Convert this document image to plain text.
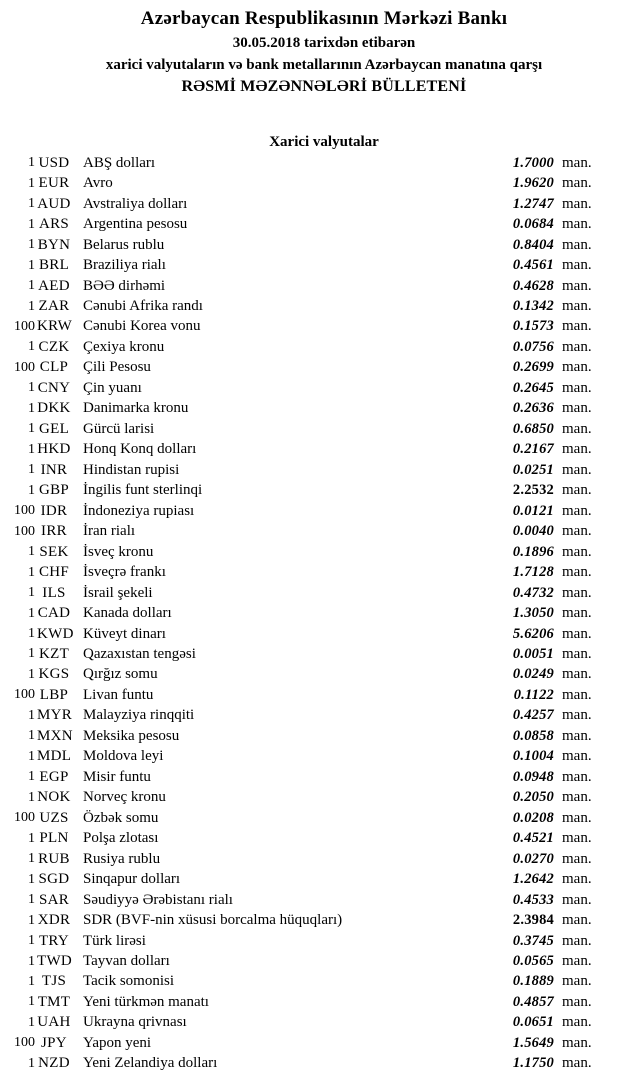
Azərbaycan Respublikasının Mərkəzi Bankı
30.05.2018 tarixdən etibarən
xarici valyutaların və bank metallarının Azərbaycan manatına qarşı
RƏSMİ MƏZƏNNƏLƏRİ BÜLLETENİ
Xarici valyutalar
1 USD ABŞ dolları	1.7000 man.
1 EUR Avro	1.9620 man.
1 AUD Avstraliya dolları	1.2747 man.
1 ARS Argentina pesosu	0.0684 man.
1 BYN Belarus rublu	0.8404 man.
1 BRL Braziliya rialı	0.4561 man.
1 AED BƏƏ dirhəmi	0.4628 man.
1 ZAR Cənubi Afrika randı	0.1342 man.
100 KRW Cənubi Korea vonu	0.1573 man.
1 CZK Çexiya kronu	0.0756 man.
100 CLP Çili Pesosu	0.2699 man.
1 CNY Çin yuanı	0.2645 man.
1 DKK Danimarka kronu	0.2636 man.
1 GEL Gürcü larisi	0.6850 man.
1 HKD Honq Konq dolları	0.2167 man.
1 INR	Hindistan rupisi	0.0251 man.
1 GBP İngilis funt sterlinqi	2.2532 man.
100 IDR	İndoneziya rupiası	0.0121 man.
100 IRR	İran rialı	0.0040 man.
1 SEK İsveç kronu	0.1896 man.
1 CHF İsveçrə frankı	1.7128 man.
1 ILS	İsrail şekeli	0.4732 man.
1 CAD Kanada dolları	1.3050 man.
1 KWD Küveyt dinarı	5.6206 man.
1 KZT Qazaxıstan tengəsi	0.0051 man.
1 KGS Qırğız somu	0.0249 man.
100 LBP Livan funtu	0.1122 man.
1 MYR Malayziya rinqqiti	0.4257 man.
1 MXN Meksika pesosu	0.0858 man.
1 MDL Moldova leyi	0.1004 man.
1 EGP Misir funtu	0.0948 man.
1 NOK Norveç kronu	0.2050 man.
100 UZS Özbək somu	0.0208 man.
1 PLN Polşa zlotası	0.4521 man.
1 RUB Rusiya rublu	0.0270 man.
1 SGD Sinqapur dolları	1.2642 man.
1 SAR Səudiyyə Ərəbistanı rialı	0.4533 man.
1 XDR SDR (BVF-nin xüsusi borcalma hüquqları)	2.3984 man.
1 TRY Türk lirəsi	0.3745 man.
1 TWD Tayvan dolları	0.0565 man.
1 TJS	Tacik somonisi	0.1889 man.
1 TMT Yeni türkmən manatı	0.4857 man.
1 UAH Ukrayna qrivnası	0.0651 man.
100 JPY	Yapon yeni	1.5649 man.
1 NZD Yeni Zelandiya dolları	1.1750 man.
